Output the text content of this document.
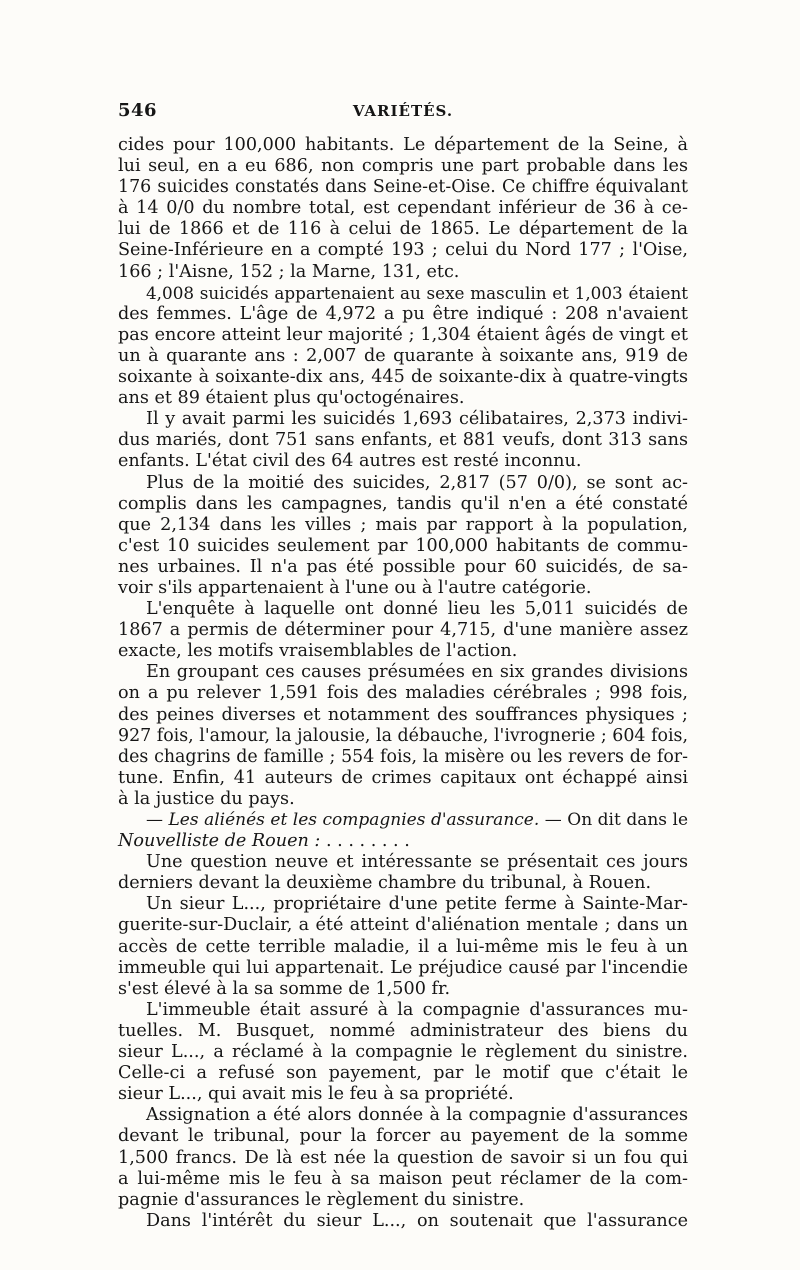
546	VARIÉTÉS.
cides pour 100,000 habitants. Le département de la Seine, à
lui seul, en a eu 686, non compris une part probable dans les
176 suicides constatés dans Seine-et-Oise. Ce chiffre équivalant
à 14 0/0 du nombre total, est cependant inférieur de 36 à ce-
lui de 1866 et de 116 à celui de 1865. Le département de la
Seine-Inférieure en a compté 193 ; celui du Nord 177 ; l'Oise,
166 ; l'Aisne, 152 ; la Marne, 131, etc.
4,008 suicidés appartenaient au sexe masculin et 1,003 étaient
des femmes. L'âge de 4,972 a pu être indiqué : 208 n'avaient
pas encore atteint leur majorité ; 1,304 étaient âgés de vingt et
un à quarante ans : 2,007 de quarante à soixante ans, 919 de
soixante à soixante-dix ans, 445 de soixante-dix à quatre-vingts
ans et 89 étaient plus qu'octogénaires.
Il y avait parmi les suicidés 1,693 célibataires, 2,373 indivi-
dus mariés, dont 751 sans enfants, et 881 veufs, dont 313 sans
enfants. L'état civil des 64 autres est resté inconnu.
Plus de la moitié des suicides, 2,817 (57 0/0), se sont ac-
complis dans les campagnes, tandis qu'il n'en a été constaté
que 2,134 dans les villes ; mais par rapport à la population,
c'est 10 suicides seulement par 100,000 habitants de commu-
nes urbaines. Il n'a pas été possible pour 60 suicidés, de sa-
voir s'ils appartenaient à l'une ou à l'autre catégorie.
L'enquête à laquelle ont donné lieu les 5,011 suicidés de
1867 a permis de déterminer pour 4,715, d'une manière assez
exacte, les motifs vraisemblables de l'action.
En groupant ces causes présumées en six grandes divisions
on a pu relever 1,591 fois des maladies cérébrales ; 998 fois,
des peines diverses et notamment des souffrances physiques ;
927 fois, l'amour, la jalousie, la débauche, l'ivrognerie ; 604 fois,
des chagrins de famille ; 554 fois, la misère ou les revers de for-
tune. Enfin, 41 auteurs de crimes capitaux ont échappé ainsi
à la justice du pays.
— Les aliénés et les compagnies d'assurance. — On dit dans le
Nouvelliste de Rouen : . . . . . . . .
Une question neuve et intéressante se présentait ces jours
derniers devant la deuxième chambre du tribunal, à Rouen.
Un sieur L..., propriétaire d'une petite ferme à Sainte-Mar-
guerite-sur-Duclair, a été atteint d'aliénation mentale ; dans un
accès de cette terrible maladie, il a lui-même mis le feu à un
immeuble qui lui appartenait. Le préjudice causé par l'incendie
s'est élevé à la sa somme de 1,500 fr.
L'immeuble était assuré à la compagnie d'assurances mu-
tuelles. M. Busquet, nommé administrateur des biens du
sieur L..., a réclamé à la compagnie le règlement du sinistre.
Celle-ci a refusé son payement, par le motif que c'était le
sieur L..., qui avait mis le feu à sa propriété.
Assignation a été alors donnée à la compagnie d'assurances
devant le tribunal, pour la forcer au payement de la somme
1,500 francs. De là est née la question de savoir si un fou qui
a lui-même mis le feu à sa maison peut réclamer de la com-
pagnie d'assurances le règlement du sinistre.
Dans l'intérêt du sieur L..., on soutenait que l'assurance
